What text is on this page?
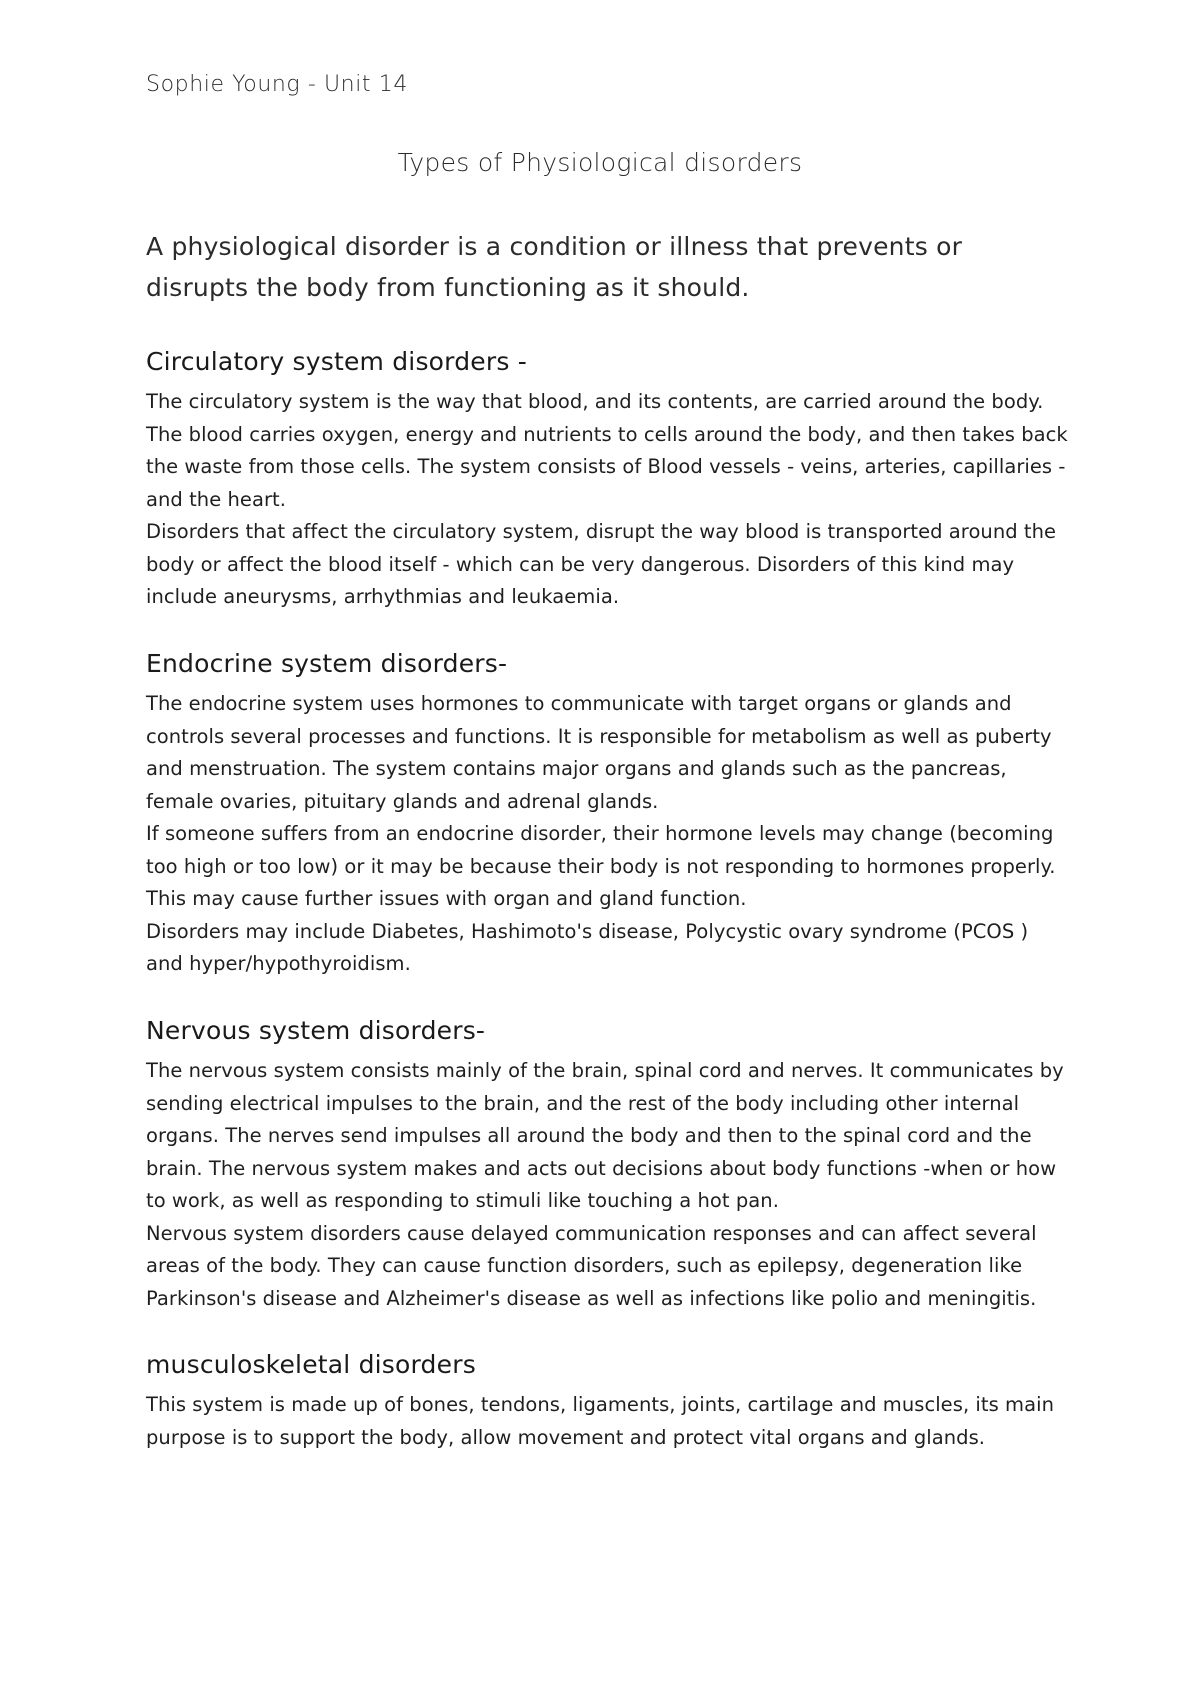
Sophie Young - Unit 14
Types of Physiological disorders
A physiological disorder is a condition or illness that prevents or disrupts the body from functioning as it should.
Circulatory system disorders -

The circulatory system is the way that blood, and its contents, are carried around the body. The blood carries oxygen, energy and nutrients to cells around the body, and then takes back the waste from those cells. The system consists of Blood vessels - veins, arteries, capillaries - and the heart.

Disorders that affect the circulatory system, disrupt the way blood is transported around the body or affect the blood itself - which can be very dangerous. Disorders of this kind may include aneurysms, arrhythmias and leukaemia.

Endocrine system disorders-

The endocrine system uses hormones to communicate with target organs or glands and controls several processes and functions. It is responsible for metabolism as well as puberty and menstruation. The system contains major organs and glands such as the pancreas, female ovaries, pituitary glands and adrenal glands.

If someone suffers from an endocrine disorder, their hormone levels may change (becoming too high or too low) or it may be because their body is not responding to hormones properly. This may cause further issues with organ and gland function.

Disorders may include Diabetes, Hashimoto's disease, Polycystic ovary syndrome (PCOS ) and hyper/hypothyroidism.

Nervous system disorders-

The nervous system consists mainly of the brain, spinal cord and nerves. It communicates by sending electrical impulses to the brain, and the rest of the body including other internal organs. The nerves send impulses all around the body and then to the spinal cord and the brain. The nervous system makes and acts out decisions about body functions -when or how to work, as well as responding to stimuli like touching a hot pan.

Nervous system disorders cause delayed communication responses and can affect several areas of the body. They can cause function disorders, such as epilepsy, degeneration like Parkinson's disease and Alzheimer's disease as well as infections like polio and meningitis.

musculoskeletal disorders

This system is made up of bones, tendons, ligaments, joints, cartilage and muscles, its main purpose is to support the body, allow movement and protect vital organs and glands.
